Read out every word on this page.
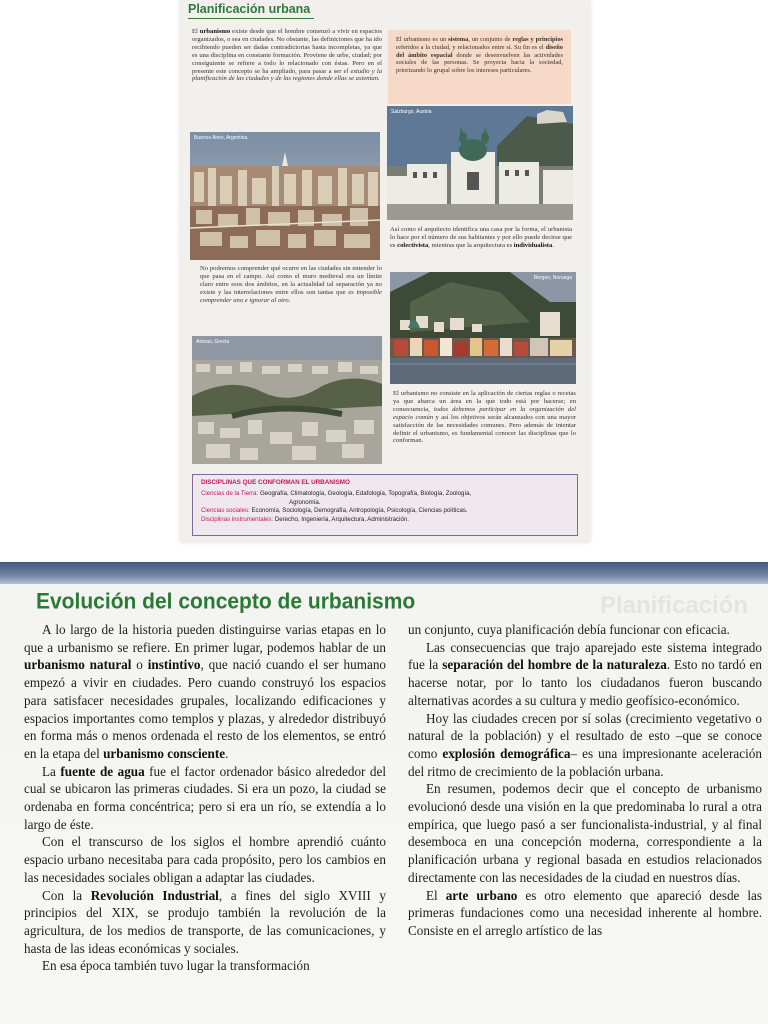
Planificación urbana
El urbanismo existe desde que el hombre comenzó a vivir en espacios organizados, o sea en ciudades. No obstante, las definiciones que ha ido recibiendo pueden ser dadas contradictorias hasta incompletas, ya que es una disciplina en constante formación. Proviene de urbe, ciudad; por consiguiente se refiere a todo lo relacionado con éstas. Pero en el presente este concepto se ha ampliado, para pasar a ser el estudio y la planificación de las ciudades y de las regiones donde ellas se asientan.
El urbanismo es un sistema, un conjunto de reglas y principios referidos a la ciudad, y relacionados entre sí. Su fin es el diseño del ámbito espacial donde se desenvuelven las actividades sociales de las personas. Se proyecta hacia la sociedad, priorizando lo grupal sobre los intereses particulares.
Buenos Aires, Argentina
Salzburgo, Austria
Así como el arquitecto identifica una casa por la forma, el urbanista lo hace por el número de sus habitantes y por ello puede decirse que es colectivista, mientras que la arquitectura es individualista.
No podremos comprender qué ocurre en las ciudades sin entender lo que pasa en el campo. Así como el muro medieval era un límite claro entre esos dos ámbitos, en la actualidad tal separación ya no existe y las interrelaciones entre ellos son tantas que es imposible comprender uno e ignorar al otro.
Bergen, Noruega
Atenas, Grecia
El urbanismo no consiste en la aplicación de ciertas reglas o recetas ya que abarca un área en la que todo está por hacerse; en consecuencia, todos debemos participar en la organización del espacio común y así los objetivos serán alcanzados con una mayor satisfacción de las necesidades comunes. Pero además de intentar definir el urbanismo, es fundamental conocer las disciplinas que lo conforman.
DISCIPLINAS QUE CONFORMAN EL URBANISMO
Ciencias de la Tierra: Geografía, Climatología, Geología, Edafología, Topografía, Biología, Zoología,
Agronomía.
Ciencias sociales: Economía, Sociología, Demografía, Antropología, Psicología, Ciencias políticas.
Disciplinas instrumentales: Derecho, Ingeniería, Arquitectura, Administración.
Planificación
Evolución del concepto de urbanismo

A lo largo de la historia pueden distinguirse varias etapas en lo que a urbanismo se refiere. En primer lugar, podemos hablar de un urbanismo natural o instintivo, que nació cuando el ser humano empezó a vivir en ciudades. Pero cuando construyó los espacios para satisfacer necesidades grupales, localizando edificaciones y espacios importantes como templos y plazas, y alrededor distribuyó en forma más o menos ordenada el resto de los elementos, se entró en la etapa del urbanismo consciente.

La fuente de agua fue el factor ordenador básico alrededor del cual se ubicaron las primeras ciudades. Si era un pozo, la ciudad se ordenaba en forma concéntrica; pero si era un río, se extendía a lo largo de éste.

Con el transcurso de los siglos el hombre aprendió cuánto espacio urbano necesitaba para cada propósito, pero los cambios en las necesidades sociales obligan a adaptar las ciudades.

Con la Revolución Industrial, a fines del siglo XVIII y principios del XIX, se produjo también la revolución de la agricultura, de los medios de transporte, de las comunicaciones, y hasta de las ideas económicas y sociales.

En esa época también tuvo lugar la transformación

un conjunto, cuya planificación debía funcionar con eficacia.

Las consecuencias que trajo aparejado este sistema integrado fue la separación del hombre de la naturaleza. Esto no tardó en hacerse notar, por lo tanto los ciudadanos fueron buscando alternativas acordes a su cultura y medio geofísico-económico.

Hoy las ciudades crecen por sí solas (crecimiento vegetativo o natural de la población) y el resultado de esto –que se conoce como explosión demográfica– es una impresionante aceleración del ritmo de crecimiento de la población urbana.

En resumen, podemos decir que el concepto de urbanismo evolucionó desde una visión en la que predominaba lo rural a otra empírica, que luego pasó a ser funcionalista-industrial, y al final desemboca en una concepción moderna, correspondiente a la planificación urbana y regional basada en estudios relacionados directamente con las necesidades de la ciudad en nuestros días.

El arte urbano es otro elemento que apareció desde las primeras fundaciones como una necesidad inherente al hombre. Consiste en el arreglo artístico de las
